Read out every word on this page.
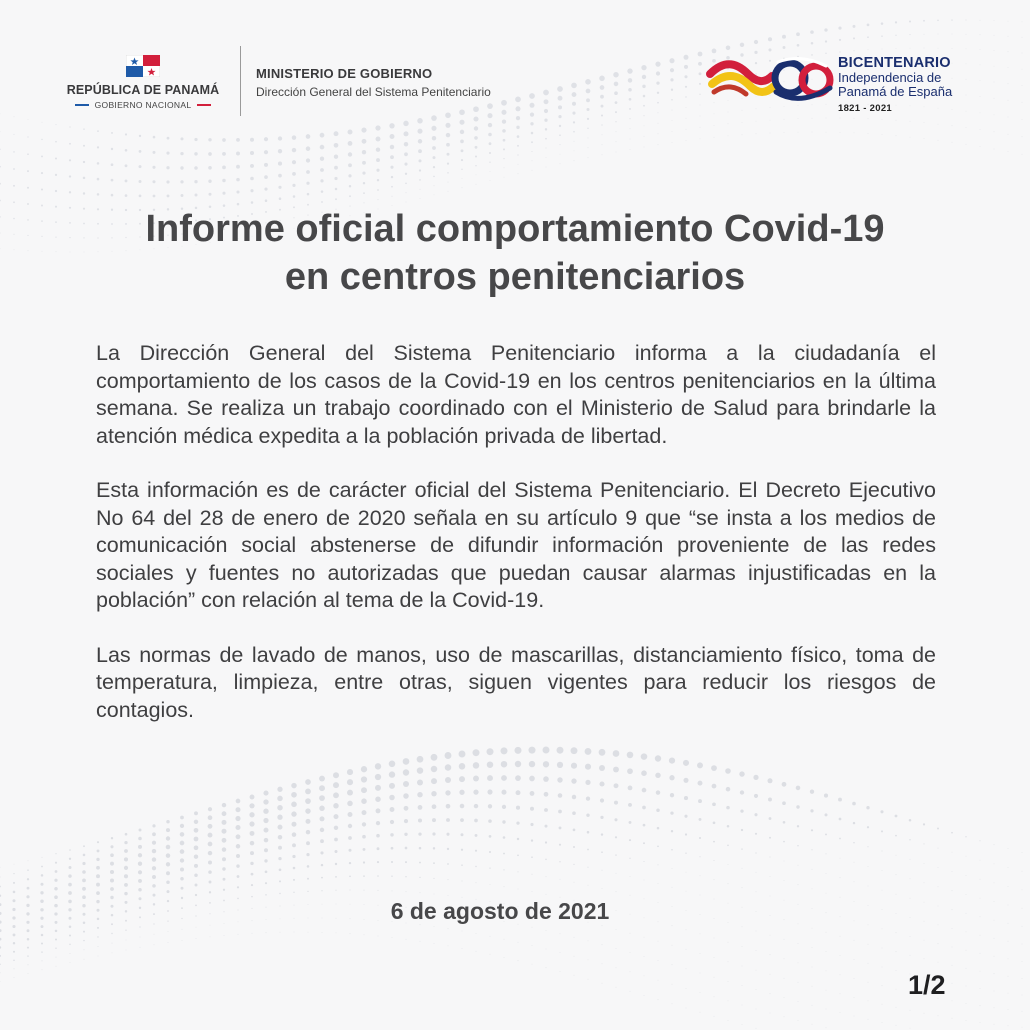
REPÚBLICA DE PANAMÁ
GOBIERNO NACIONAL
MINISTERIO DE GOBIERNO
Dirección General del Sistema Penitenciario
BICENTENARIO
Independencia de
Panamá de España
1821 - 2021
Informe oficial comportamiento Covid-19
en centros penitenciarios

La Dirección General del Sistema Penitenciario informa a la ciudadanía el comportamiento de los casos de la Covid-19 en los centros penitenciarios en la última semana. Se realiza un trabajo coordinado con el Ministerio de Salud para brindarle la atención médica expedita a la población privada de libertad.

Esta información es de carácter oficial del Sistema Penitenciario. El Decreto Ejecutivo No 64 del 28 de enero de 2020 señala en su artículo 9 que “se insta a los medios de comunicación social abstenerse de difundir información proveniente de las redes sociales y fuentes no autorizadas que puedan causar alarmas injustificadas en la población” con relación al tema de la Covid-19.

Las normas de lavado de manos, uso de mascarillas, distanciamiento físico, toma de temperatura, limpieza, entre otras, siguen vigentes para reducir los riesgos de contagios.

6 de agosto de 2021
1/2
